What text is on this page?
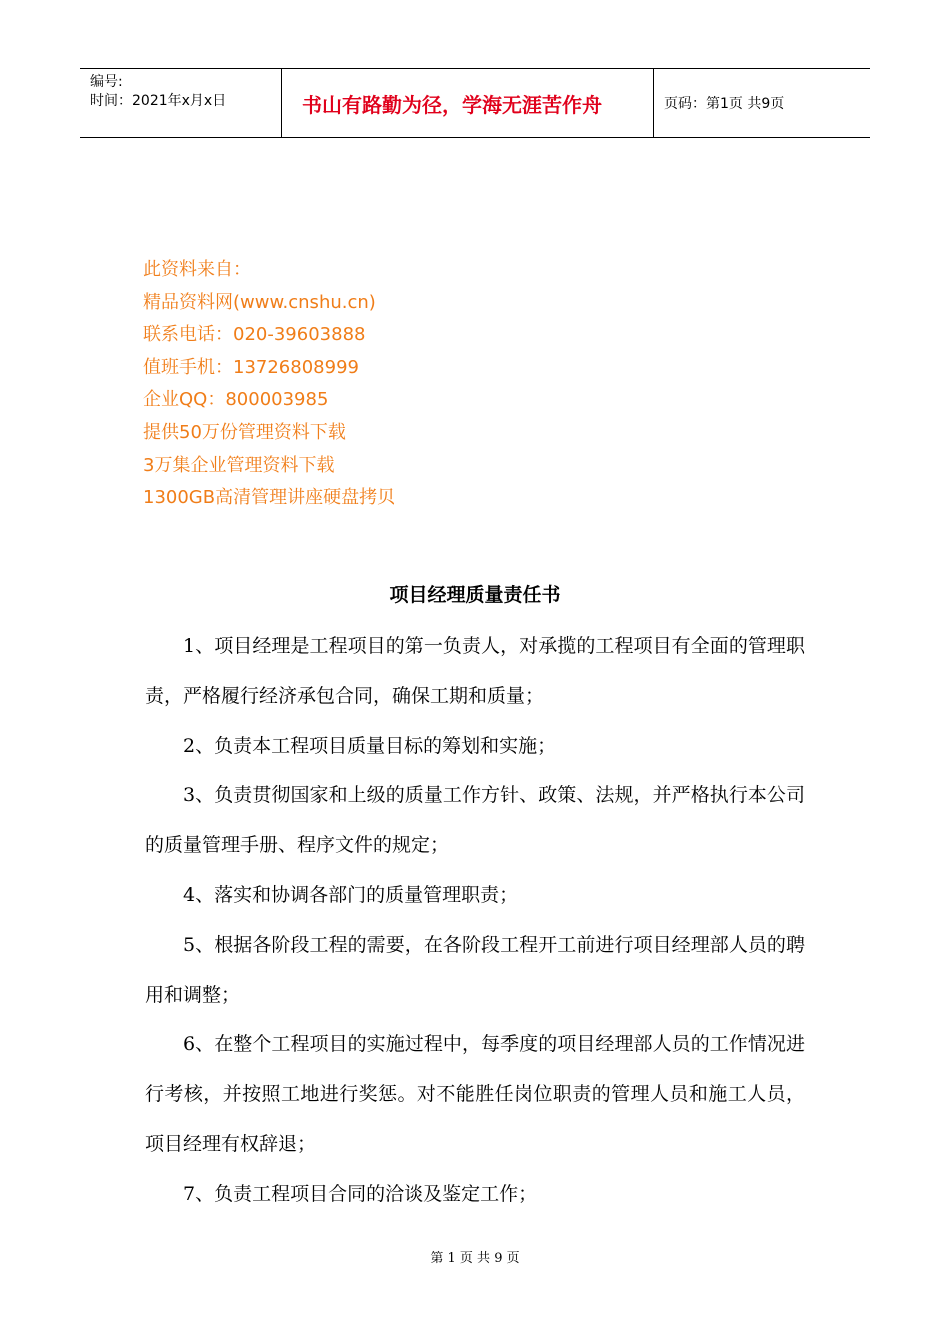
编号:
时间：2021年x月x日	书山有路勤为径，学海无涯苦作舟	页码：第1页 共9页
此资料来自：
精品资料网(www.cnshu.cn)
联系电话：020-39603888
值班手机：13726808999
企业QQ：800003985
提供50万份管理资料下载
3万集企业管理资料下载
1300GB高清管理讲座硬盘拷贝
项目经理质量责任书

1、项目经理是工程项目的第一负责人，对承揽的工程项目有全面的管理职责，严格履行经济承包合同，确保工期和质量；

2、负责本工程项目质量目标的筹划和实施；

3、负责贯彻国家和上级的质量工作方针、政策、法规，并严格执行本公司的质量管理手册、程序文件的规定；

4、落实和协调各部门的质量管理职责；

5、根据各阶段工程的需要，在各阶段工程开工前进行项目经理部人员的聘用和调整；

6、在整个工程项目的实施过程中，每季度的项目经理部人员的工作情况进行考核，并按照工地进行奖惩。对不能胜任岗位职责的管理人员和施工人员，项目经理有权辞退；

7、负责工程项目合同的洽谈及鉴定工作；

第 1 页 共 9 页
